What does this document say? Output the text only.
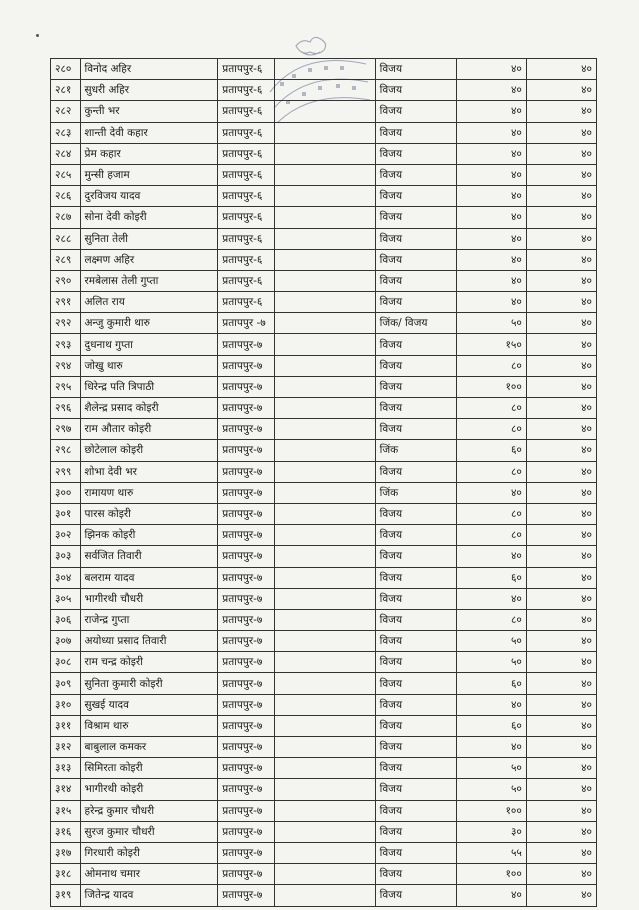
२८०	विनोद अहिर	प्रतापपुर-६		विजय	४०	४०
२८१	सुधरी अहिर	प्रतापपुर-६		विजय	४०	४०
२८२	कुन्ती भर	प्रतापपुर-६		विजय	४०	४०
२८३	शान्ती देवी कहार	प्रतापपुर-६		विजय	४०	४०
२८४	प्रेम कहार	प्रतापपुर-६		विजय	४०	४०
२८५	मुन्सी हजाम	प्रतापपुर-६		विजय	४०	४०
२८६	दुरविजय यादव	प्रतापपुर-६		विजय	४०	४०
२८७	सोना देवी कोइरी	प्रतापपुर-६		विजय	४०	४०
२८८	सुनिता तेली	प्रतापपुर-६		विजय	४०	४०
२८९	लक्ष्मण अहिर	प्रतापपुर-६		विजय	४०	४०
२९०	रमबेलास तेली गुप्ता	प्रतापपुर-६		विजय	४०	४०
२९१	अलित राय	प्रतापपुर-६		विजय	४०	४०
२९२	अन्जु कुमारी थारु	प्रतापपुर -७		जिंक/ विजय	५०	४०
२९३	दुधनाथ गुप्ता	प्रतापपुर-७		विजय	१५०	४०
२९४	जोखु थारु	प्रतापपुर-७		विजय	८०	४०
२९५	धिरेन्द्र पति त्रिपाठी	प्रतापपुर-७		विजय	१००	४०
२९६	शैलेन्द्र प्रसाद कोइरी	प्रतापपुर-७		विजय	८०	४०
२९७	राम औतार कोइरी	प्रतापपुर-७		विजय	८०	४०
२९८	छोटेलाल कोइरी	प्रतापपुर-७		जिंक	६०	४०
२९९	शोभा देवी भर	प्रतापपुर-७		विजय	८०	४०
३००	रामायण थारु	प्रतापपुर-७		जिंक	४०	४०
३०१	पारस कोइरी	प्रतापपुर-७		विजय	८०	४०
३०२	झिनक कोइरी	प्रतापपुर-७		विजय	८०	४०
३०३	सर्वजित तिवारी	प्रतापपुर-७		विजय	४०	४०
३०४	बलराम यादव	प्रतापपुर-७		विजय	६०	४०
३०५	भागीरथी चौधरी	प्रतापपुर-७		विजय	४०	४०
३०६	राजेन्द्र गुप्ता	प्रतापपुर-७		विजय	८०	४०
३०७	अयोध्या प्रसाद तिवारी	प्रतापपुर-७		विजय	५०	४०
३०८	राम चन्द्र कोइरी	प्रतापपुर-७		विजय	५०	४०
३०९	सुनिता कुमारी कोइरी	प्रतापपुर-७		विजय	६०	४०
३१०	सुखई यादव	प्रतापपुर-७		विजय	४०	४०
३११	विश्राम थारु	प्रतापपुर-७		विजय	६०	४०
३१२	बाबुलाल कमकर	प्रतापपुर-७		विजय	४०	४०
३१३	सिमिरता कोइरी	प्रतापपुर-७		विजय	५०	४०
३१४	भागीरथी कोइरी	प्रतापपुर-७		विजय	५०	४०
३१५	हरेन्द्र कुमार चौधरी	प्रतापपुर-७		विजय	१००	४०
३१६	सुरज कुमार चौधरी	प्रतापपुर-७		विजय	३०	४०
३१७	गिरधारी कोइरी	प्रतापपुर-७		विजय	५५	४०
३१८	ओमनाथ चमार	प्रतापपुर-७		विजय	१००	४०
३१९	जितेन्द्र यादव	प्रतापपुर-७		विजय	४०	४०
